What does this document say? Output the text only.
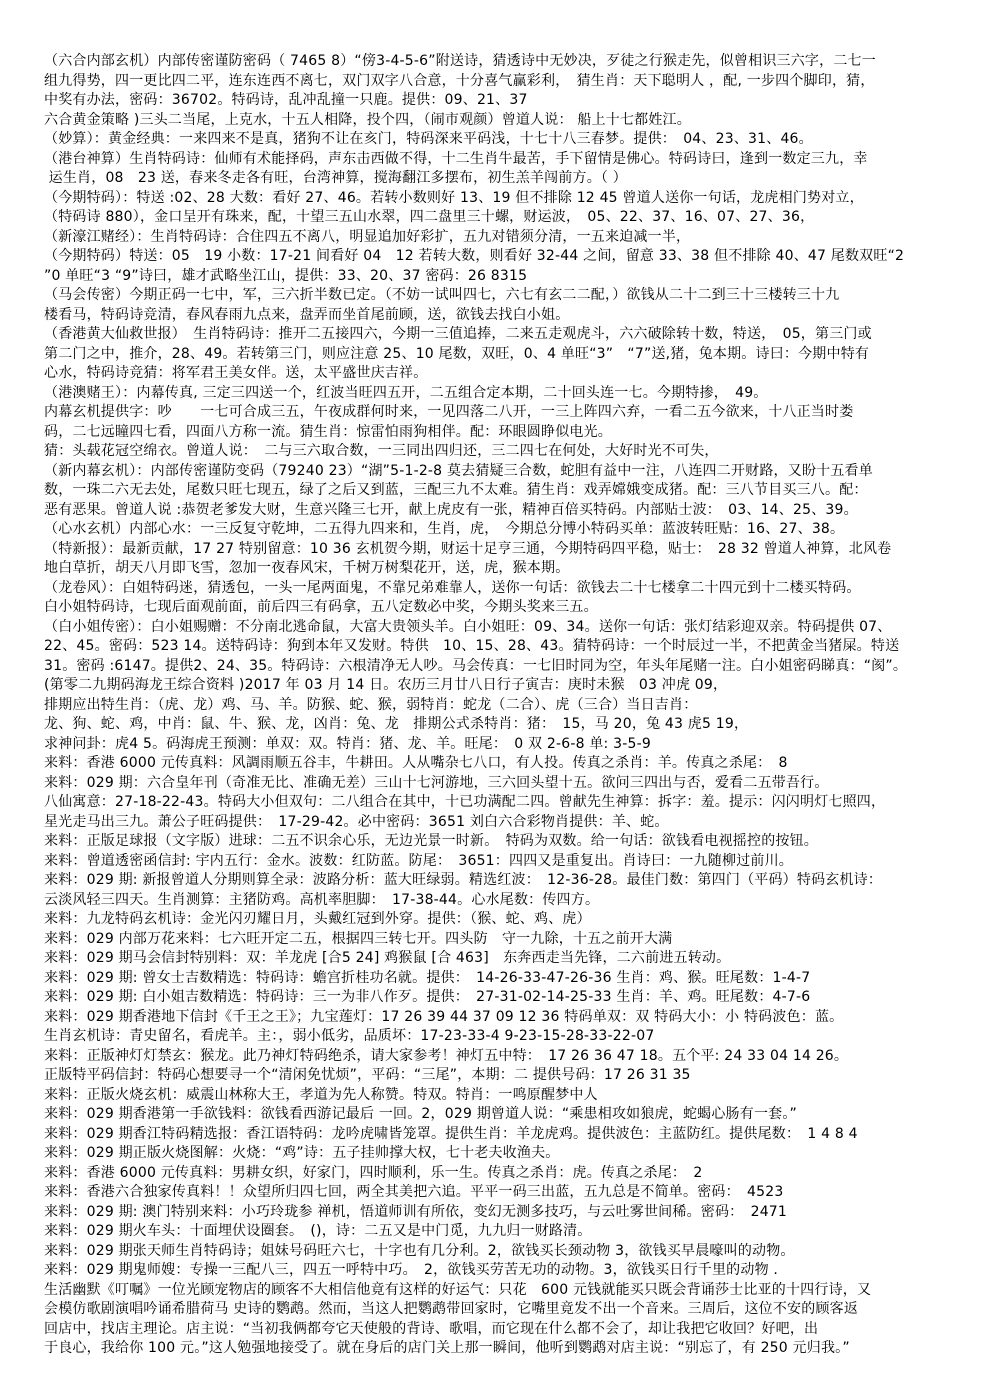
（六合内部玄机）内部传密谨防密码（ 7465 8）“傍3-4-5-6”附送诗，猜透诗中无妙决，歹徒之行猴走先，似曾相识三六字，二七一
组九得势，四一更比四二平，连东连西不离七，双门双字八合意，十分喜气赢彩利，　猜生肖：天下聪明人 ，配, 一步四个脚印，猜，
中奖有办法，密码：36702。特码诗，乱冲乱撞一只鹿。提供：09、21、37
六合黄金策略 )三头二当尾，上克水，十五人相降，投个四，（闹市观颜）曾道人说： 船上十七都姓江。
（妙算）：黄金经典：一来四来不是真，猪狗不让在亥门，特码深来平码浅，十七十八三春梦。提供：　04、23、31、46。
（港台神算）生肖特码诗：仙师有术能择码，声东击西做不得，十二生肖牛最苦，手下留情是佛心。特码诗曰，逢到一数定三九，幸
运生肖，08　23 送，春来冬走各有旺，台湾神算，搅海翻江多摆布，初生羔羊闯前方。（ ）
（今期特码）：特送 :02、28 大数：看好 27、46。若转小数则好 13、19 但不排除 12 45 曾道人送你一句话，龙虎相门势对立，
（特码诗 880），金口呈开有珠来，配，十望三五山水翠，四二盘里三十螺，财运波，　05、22、37、16、07、27、36，
（新濠江赌经）：生肖特码诗：合住四五不离八，明显追加好彩扩，五九对错须分清，一五来迫减一半，
（今期特码）特送：05　19 小数：17-21 间看好 04　12 若转大数，则看好 32-44 之间，留意 33、38 但不排除 40、47 尾数双旺“2
”0 单旺“3 “9”诗曰，雄才武略坐江山，提供：33、20、37 密码：26 8315
（马会传密）今期正码一七中，军，三六折半数已定。（不妨一试叫四七，六七有玄二二配，）欲钱从二十二到三十三楼转三十九
楼看马，特码诗竞清，春风春雨九点来，盘弄而坐首尾前顾，送，欲钱去找白小姐。
（香港黄大仙救世报）　生肖特码诗：推开二五接四六，今期一三值追捧，二来五走观虎斗，六六破除转十数，特送，　05，第三门或
第二门之中，推介，28、49。若转第三门，则应注意 25、10 尾数，双旺，0、4 单旺“3”　“7”送,猪，兔本期。诗曰：今期中特有
心水，特码诗竞猜：将军君王美女伴。送，太平盛世庆吉祥。
（港澳赌王）：内幕传真, 三定三四送一个，红波当旺四五开，二五组合定本期，二十回头连一七。今期特掺，　49。
内幕玄机提供字：吵　　一七可合成三五，午夜成群何时来，一见四落二八开，一三上阵四六弃，一看二五今欲来，十八正当时娄
码，二七远瞳四七看，四面八方称一流。猜生肖：惊雷怕雨狗相伴。配：环眼圆睁似电光。
猜：头载花冠空绵衣。曾道人说：　二与三六取合数，一三同出四归还，三二四七在何处，大好时光不可失，
（新内幕玄机）：内部传密谨防变码（79240 23）“湖”5-1-2-8 莫去猜疑三合数，蛇胆有益中一注，八连四二开财路，又盼十五看单
数，一珠二六无去处，尾数只旺七现五，绿了之后又到蓝，三配三九不太难。猜生肖：戏弄嫦娥变成猪。配：三八节目买三八。配：
恶有恶果。曾道人说 :恭贺老爹发大财，生意兴隆三七开，献上虎皮有一张，精神百倍买特码。内部贴士波：　03、14、25、39。
（心水玄机）内部心水：一三反复守乾坤，二五得九四来和，生肖，虎，　今期总分博小特码买单：蓝波转旺贴：16、27、38。
（特新报）：最新贡献，17 27 特别留意：10 36 玄机贺今期，财运十足亨三通，今期特码四平稳，贴士：　28 32 曾道人神算，北风卷
地白草折，胡天八月即飞雪，忽加一夜春风宋，千树万树梨花开，送，虎，猴本期。
（龙卷风）：白姐特码迷，猜透包，一头一尾两面鬼，不靠兄弟难靠人，送你一句话：欲钱去二十七楼拿二十四元到十二楼买特码。
白小姐特码诗，七现后面观前面，前后四三有码拿，五八定数必中奖，今期头奖来三五。
（白小姐传密）：白小姐赐赠：不分南北逃命鼠，大富大贵领头羊。白小姐旺：09、34。送你一句话：张灯结彩迎双亲。特码提供 07、
22、45。密码：523 14。送特码诗：狗到本年又发财。特供　10、15、28、43。猜特码诗：一个时辰过一半，不把黄金当猪屎。特送
31。密码 :6147。提供2、24、35。特码诗：六根清净无人吵。马会传真：一七旧时同为空，年头年尾赌一注。白小姐密码睇真：“阂”。
(第零二九期码海龙王综合资料 )2017 年 03 月 14 日。农历三月廿八日行子寅吉：庚时未猴　03 冲虎 09，
排期应出特生肖：（虎、龙）鸡、马、羊。防猴、蛇、猴，弱特肖：蛇龙（二合）、虎（三合）当日吉肖：
龙、狗、蛇、鸡，中肖：鼠、牛、猴、龙，凶肖：兔、龙　排期公式杀特肖：猪：　15，马 20，兔 43 虎5 19，
求神问卦：虎4 5。码海虎王预测：单双：双。特肖：猪、龙、羊。旺尾：　0 双 2-6-8 单: 3-5-9
来料：香港 6000 元传真料：风調雨顺五谷丰，牛耕田。人从嘴杂七八口，有人投。传真之杀肖：羊。传真之杀尾：　8
来料：029 期：六合皇年刊（奇准无比、准确无差）三山十七河游地，三六回头望十五。欲问三四出与否，爱看二五带吾行。
八仙寓意：27-18-22-43。特码大小但双句：二八组合在其中，十已功满配二四。曾献先生神算：拆字：羞。提示：闪闪明灯七照四，
星光走马出三九。萧公子旺码提供：　17-29-42。必中密码：3651 刘白六合彩物肖提供：羊、蛇。
来料：正版足球报（文字版）进球：二五不识余心乐，无边光景一时新。　特码为双数。给一句话：欲钱看电视摇控的按钮。
来料：曾道透密函信封: 宇内五行：金水。波数：红防蓝。防尾：　3651：四四又是重复出。肖诗曰：一九随柳过前川。
来料：029 期: 新报曾道人分期则算全录：波路分析：蓝大旺绿弱。精选红波：　12-36-28。最佳门数：第四门（平码）特码玄机诗：
云淡风轻三四天。生肖测算：主猪防鸡。高机率胆脚：　17-38-44。心水尾数：传四方。
来料：九龙特码玄机诗：金光闪刃耀日月，头戴红冠到外穿。提供：（猴、蛇、鸡、虎）
来料：029 内部万花来料：七六旺开定二五，根据四三转七开。四头防　守一九除，十五之前开大满
来料：029 期马会信封特别料：双：羊龙虎 [合5 24] 鸡猴鼠 [合 463]　东奔西走当先锋，二六前进五转动。
来料：029 期: 曾女士吉数精选：特码诗：蟾宫折桂功名就。提供：　14-26-33-47-26-36 生肖：鸡、猴。旺尾数：1-4-7
来料：029 期: 白小姐吉数精选：特码诗：三一为非八作歹。提供：　27-31-02-14-25-33 生肖：羊、鸡。旺尾数：4-7-6
来料：029 期香港地下信封《千王之王》；九宝莲灯：17 26 39 44 37 09 12 36 特码单双：双 特码大小：小 特码波色：蓝。
生肖玄机诗：青史留名，看虎羊。主：，弱小低劣，品质坏：17-23-33-4 9-23-15-28-33-22-07
来料：正版神灯灯禁玄：猴龙。此乃神灯特码绝杀，请大家参考！神灯五中特：　17 26 36 47 18。五个平: 24 33 04 14 26。
正版特平码信封：特码心想要寻一个“清闲免忧烦”，平码：“三尾”，本期：二 提供号码：17 26 31 35
来料：正版火烧玄机：威震山林称大王，孝道为先人称赞。特双。特肖：一鸣原醒梦中人
来料：029 期香港第一手欲钱料：欲钱看西游记最后 一回。2，029 期曾道人说：“乘患相攻如狼虎，蛇蝎心肠有一套。”
来料：029 期香江特码精选报：香江语特码：龙吟虎啸皆笼罩。提供生肖：羊龙虎鸡。提供波色：主蓝防红。提供尾数：　1 4 8 4
来料：029 期正版火烧图解：火烧：“鸡”诗：五子挂帅撑大权，七十老夫收渔夫。
来料：香港 6000 元传真料：男耕女织，好家门，四时顺利，乐一生。传真之杀肖：虎。传真之杀尾：　2
来料：香港六合独家传真料！！众望所归四七回，两全其美把六追。平平一码三出蓝，五九总是不简单。密码：　4523
来料：029 期: 澳门特别来料：小巧玲珑参 禅机，悟道师训有所依，变幻无测多技巧，与云吐雾世间稀。密码：　2471
来料：029 期火车头：十面埋伏设圈套。　()，诗：二五又是中门觅，九九归一财路清。
来料：029 期张天师生肖特码诗；姐妹号码旺六七，十字也有几分利。2，欲钱买长颈动物 3，欲钱买早晨嚎叫的动物。
来料：029 期鬼师嫂：专操一三配八三，四五一呼特中巧。　2，欲钱买劳苦无功的动物。3，欲钱买日行千里的动物 .
生活幽默《叮嘱》一位光顾宠物店的顾客不大相信他竟有这样的好运气：只花　600 元钱就能买只既会背诵莎士比亚的十四行诗，又
会模仿歌剧演唱吟诵希腊荷马 史诗的鹦鹉。然而，当这人把鹦鹉带回家时，它嘴里竟发不出一个音来。三周后，这位不安的顾客返
回店中，找店主理论。店主说：“当初我俩都夸它天使般的背诗、歌唱，而它现在什么都不会了，却让我把它收回？好吧，出
于良心，我给你 100 元。”这人勉强地接受了。就在身后的店门关上那一瞬间，他听到鹦鹉对店主说：“别忘了，有 250 元归我。”
